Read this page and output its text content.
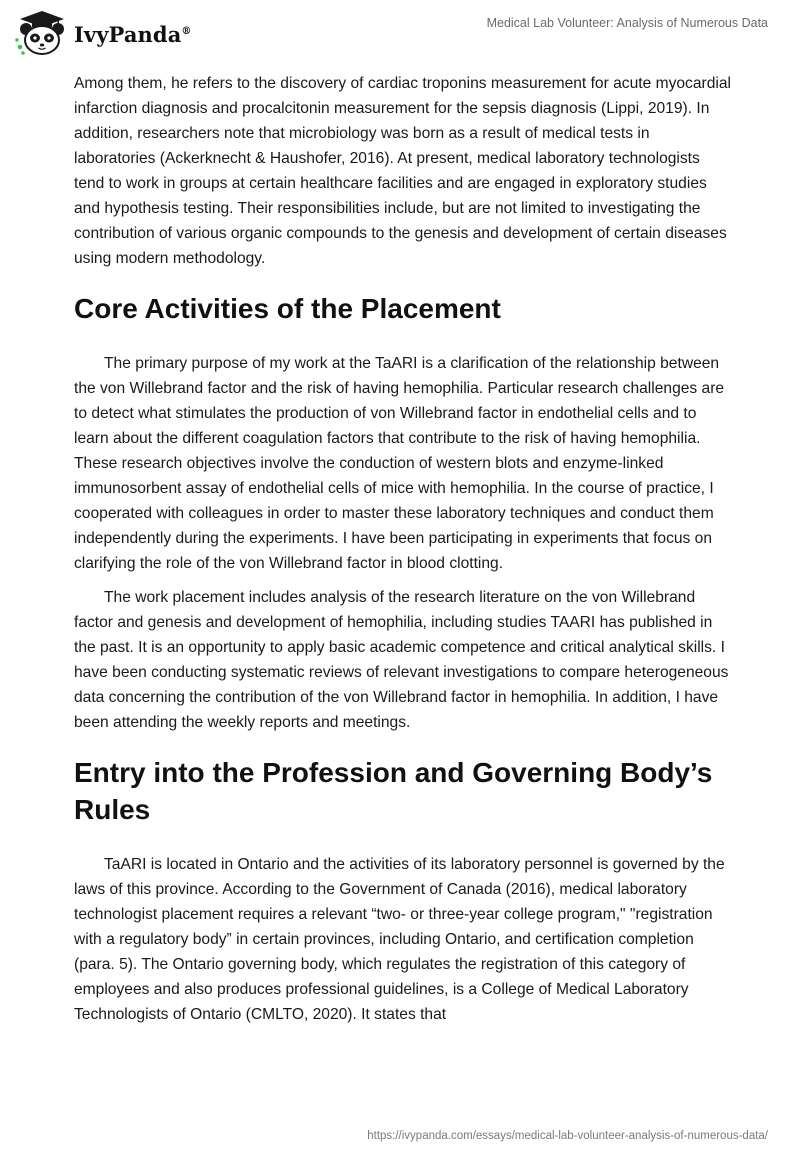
IvyPanda®
Medical Lab Volunteer: Analysis of Numerous Data

Among them, he refers to the discovery of cardiac troponins measurement for acute myocardial infarction diagnosis and procalcitonin measurement for the sepsis diagnosis (Lippi, 2019). In addition, researchers note that microbiology was born as a result of medical tests in laboratories (Ackerknecht & Haushofer, 2016). At present, medical laboratory technologists tend to work in groups at certain healthcare facilities and are engaged in exploratory studies and hypothesis testing. Their responsibilities include, but are not limited to investigating the contribution of various organic compounds to the genesis and development of certain diseases using modern methodology.

Core Activities of the Placement

The primary purpose of my work at the TaARI is a clarification of the relationship between the von Willebrand factor and the risk of having hemophilia. Particular research challenges are to detect what stimulates the production of von Willebrand factor in endothelial cells and to learn about the different coagulation factors that contribute to the risk of having hemophilia. These research objectives involve the conduction of western blots and enzyme-linked immunosorbent assay of endothelial cells of mice with hemophilia. In the course of practice, I cooperated with colleagues in order to master these laboratory techniques and conduct them independently during the experiments. I have been participating in experiments that focus on clarifying the role of the von Willebrand factor in blood clotting.

The work placement includes analysis of the research literature on the von Willebrand factor and genesis and development of hemophilia, including studies TAARI has published in the past. It is an opportunity to apply basic academic competence and critical analytical skills. I have been conducting systematic reviews of relevant investigations to compare heterogeneous data concerning the contribution of the von Willebrand factor in hemophilia. In addition, I have been attending the weekly reports and meetings.

Entry into the Profession and Governing Body’s Rules

TaARI is located in Ontario and the activities of its laboratory personnel is governed by the laws of this province. According to the Government of Canada (2016), medical laboratory technologist placement requires a relevant “two- or three-year college program," "registration with a regulatory body” in certain provinces, including Ontario, and certification completion (para. 5). The Ontario governing body, which regulates the registration of this category of employees and also produces professional guidelines, is a College of Medical Laboratory Technologists of Ontario (CMLTO, 2020). It states that

https://ivypanda.com/essays/medical-lab-volunteer-analysis-of-numerous-data/
